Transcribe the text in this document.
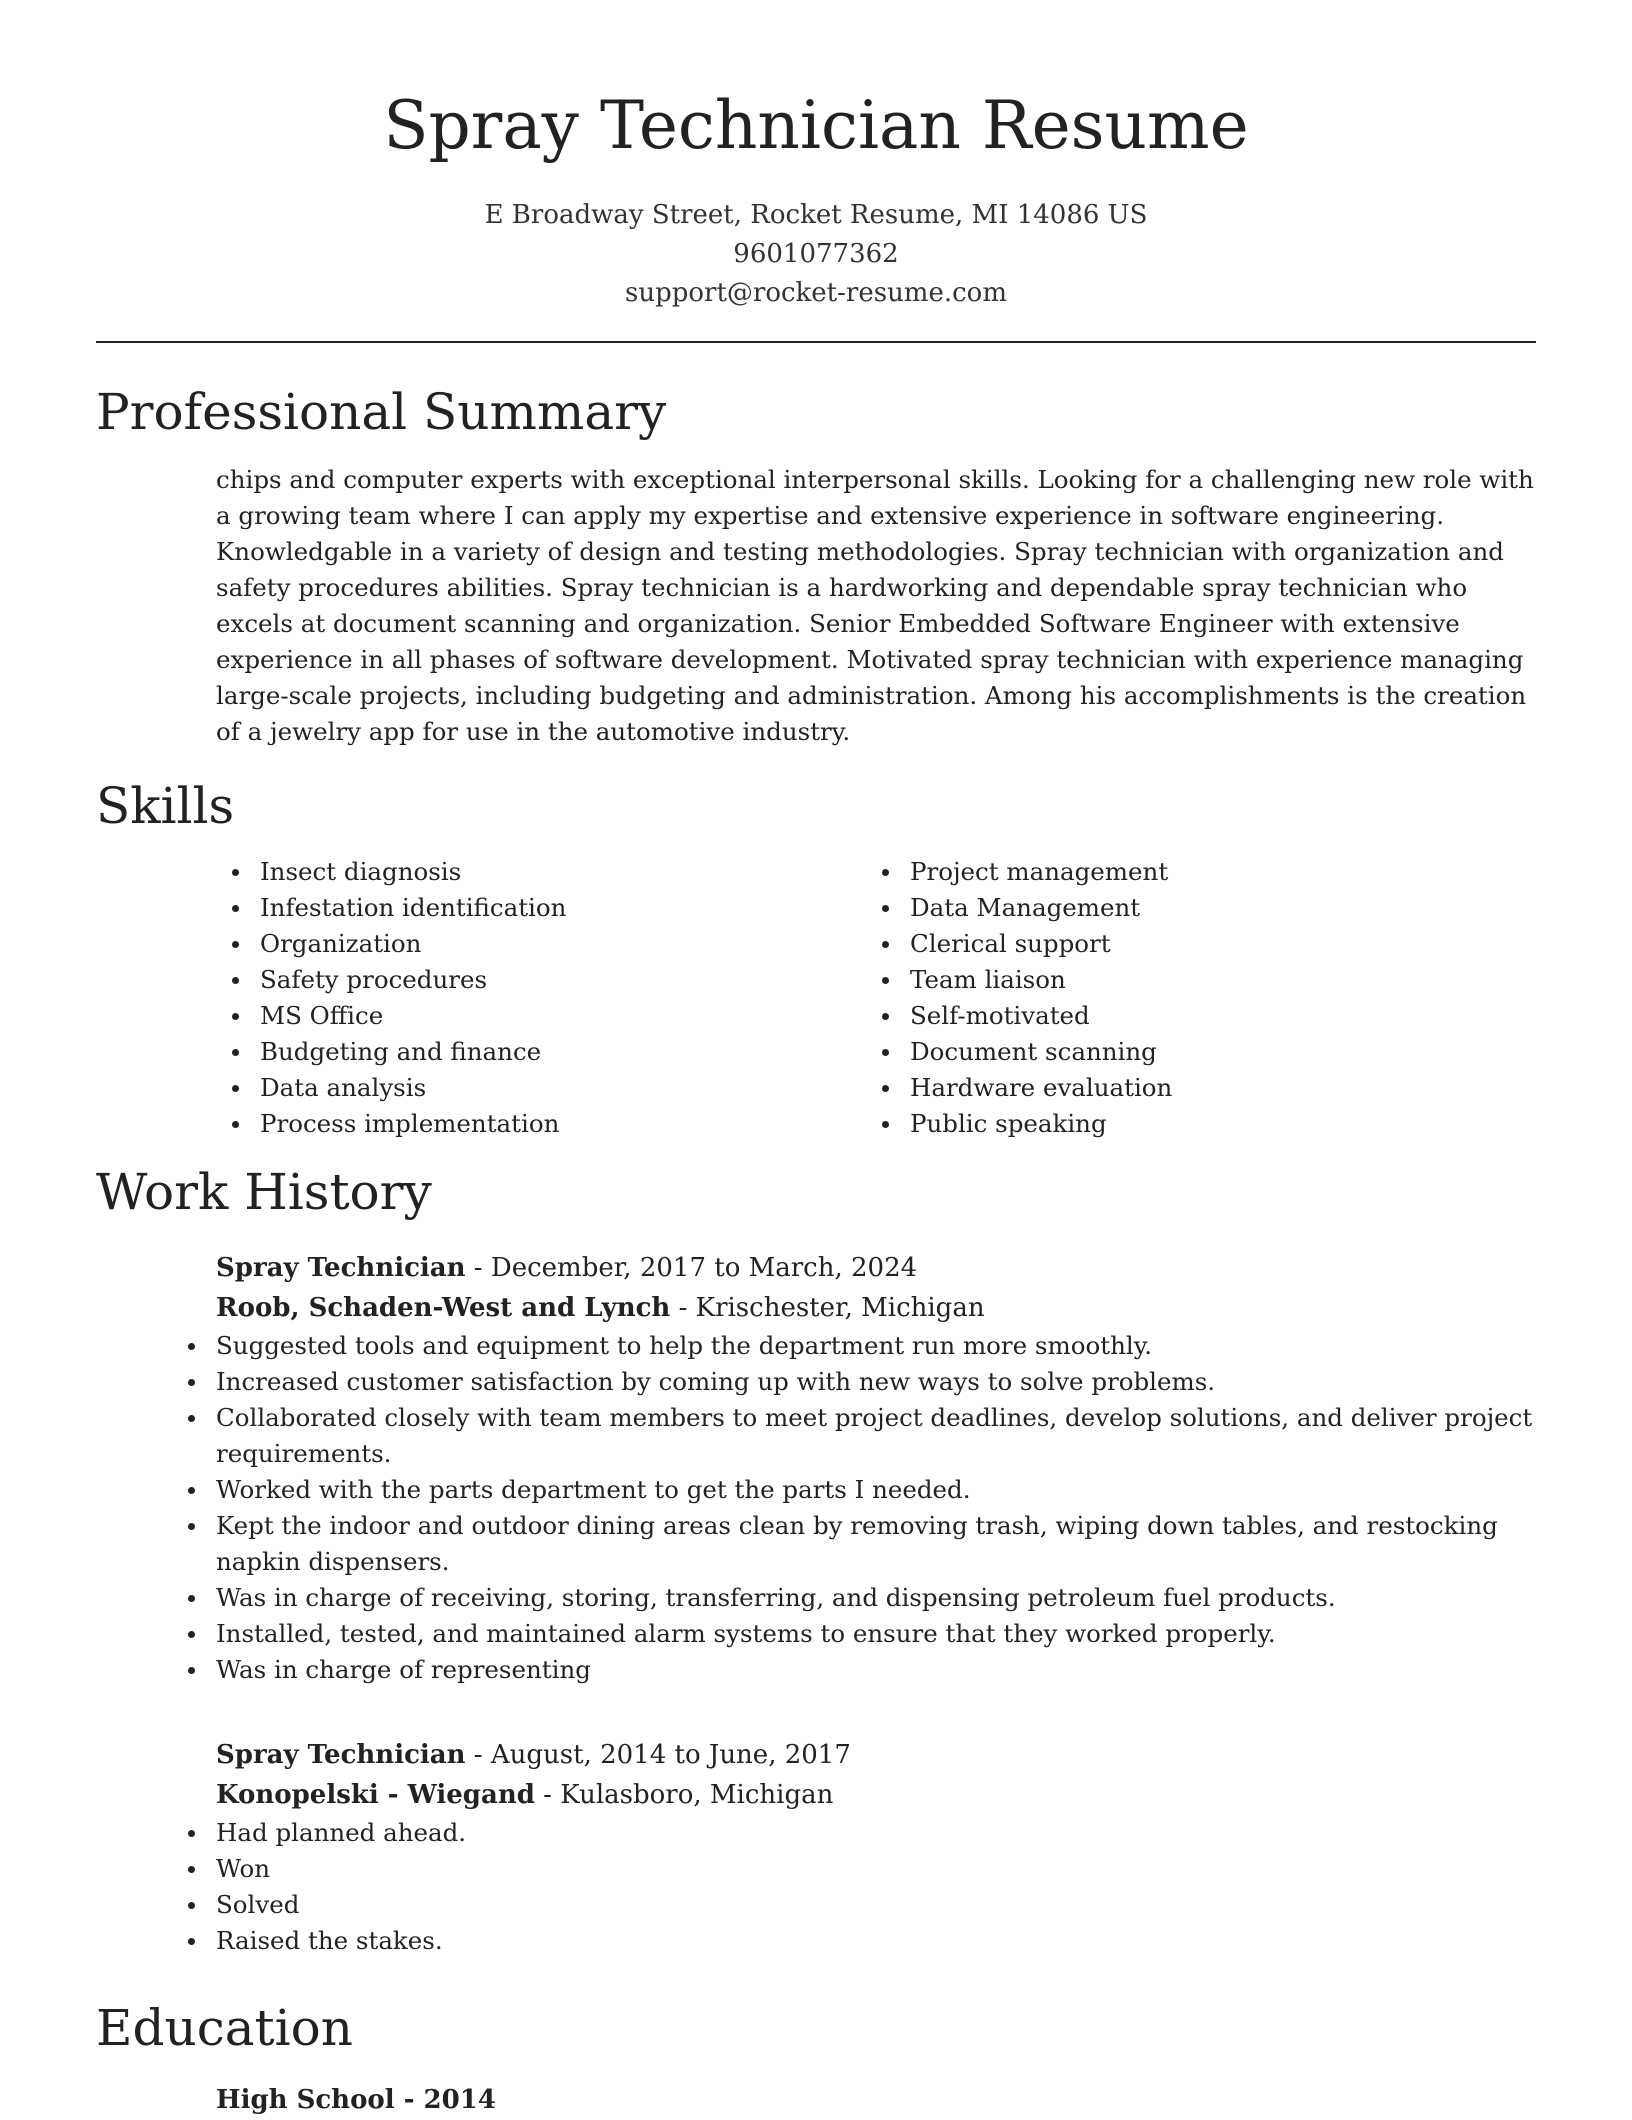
Spray Technician Resume
E Broadway Street, Rocket Resume, MI 14086 US
9601077362
support@rocket-resume.com
Professional Summary
chips and computer experts with exceptional interpersonal skills. Looking for a challenging new role with a growing team where I can apply my expertise and extensive experience in software engineering. Knowledgable in a variety of design and testing methodologies. Spray technician with organization and safety procedures abilities. Spray technician is a hardworking and dependable spray technician who excels at document scanning and organization. Senior Embedded Software Engineer with extensive experience in all phases of software development. Motivated spray technician with experience managing large-scale projects, including budgeting and administration. Among his accomplishments is the creation of a jewelry app for use in the automotive industry.
Skills
Insect diagnosis
Infestation identification
Organization
Safety procedures
MS Office
Budgeting and finance
Data analysis
Process implementation
Project management
Data Management
Clerical support
Team liaison
Self-motivated
Document scanning
Hardware evaluation
Public speaking
Work History
Spray Technician - December, 2017 to March, 2024
Roob, Schaden-West and Lynch - Krischester, Michigan
Suggested tools and equipment to help the department run more smoothly.
Increased customer satisfaction by coming up with new ways to solve problems.
Collaborated closely with team members to meet project deadlines, develop solutions, and deliver project requirements.
Worked with the parts department to get the parts I needed.
Kept the indoor and outdoor dining areas clean by removing trash, wiping down tables, and restocking napkin dispensers.
Was in charge of receiving, storing, transferring, and dispensing petroleum fuel products.
Installed, tested, and maintained alarm systems to ensure that they worked properly.
Was in charge of representing
Spray Technician - August, 2014 to June, 2017
Konopelski - Wiegand - Kulasboro, Michigan
Had planned ahead.
Won
Solved
Raised the stakes.
Education
High School - 2014
